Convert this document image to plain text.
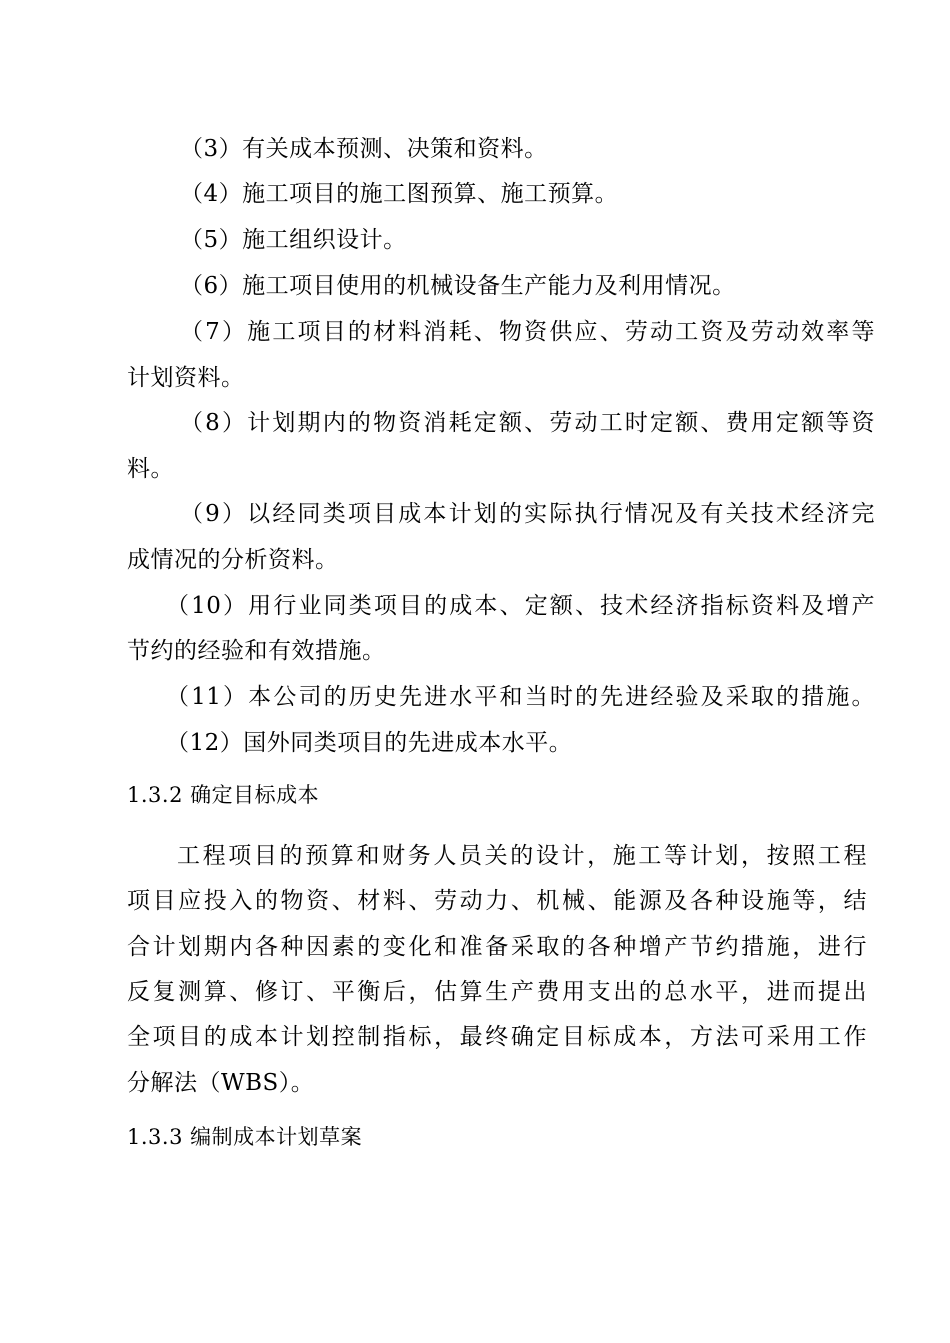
（3）有关成本预测、决策和资料。
（4）施工项目的施工图预算、施工预算。
（5）施工组织设计。
（6）施工项目使用的机械设备生产能力及利用情况。
（7）施工项目的材料消耗、物资供应、劳动工资及劳动效率等
计划资料。
（8）计划期内的物资消耗定额、劳动工时定额、费用定额等资
料。
（9）以经同类项目成本计划的实际执行情况及有关技术经济完
成情况的分析资料。
（10）用行业同类项目的成本、定额、技术经济指标资料及增产
节约的经验和有效措施。
（11）本公司的历史先进水平和当时的先进经验及采取的措施。
（12）国外同类项目的先进成本水平。
1.3.2 确定目标成本
工程项目的预算和财务人员关的设计，施工等计划，按照工程
项目应投入的物资、材料、劳动力、机械、能源及各种设施等，结
合计划期内各种因素的变化和准备采取的各种增产节约措施，进行
反复测算、修订、平衡后，估算生产费用支出的总水平，进而提出
全项目的成本计划控制指标，最终确定目标成本，方法可采用工作
分解法（WBS）。
1.3.3 编制成本计划草案
